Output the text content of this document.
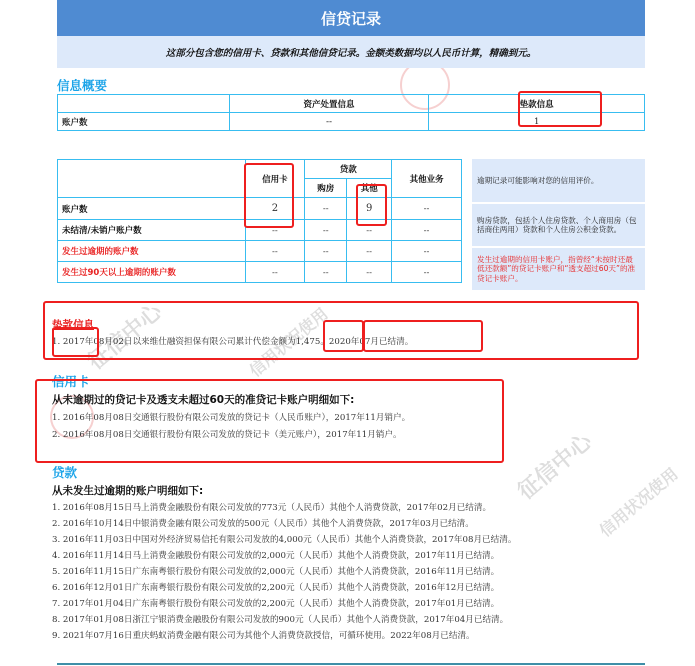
征信中心
征信中心
信用状况使用
信用状况使用
信贷记录
这部分包含您的信用卡、贷款和其他信贷记录。金额类数据均以人民币计算，精确到元。
信息概要
	资产处置信息	垫款信息
账户数	--	1
	信用卡	贷款		其他业务
		购房	其他	
账户数	2	--	9	--
未结清/未销户账户数	--	--	--	--
发生过逾期的账户数	--	--	--	--
发生过90天以上逾期的账户数	--	--	--	--
逾期记录可能影响对您的信用评价。
购房贷款，包括个人住房贷款、个人商用房（包括商住两用）贷款和个人住房公积金贷款。
发生过逾期的信用卡账户，指曾经“未按时还最低还款额”的贷记卡账户和“透支超过60天”的准贷记卡账户。
垫款信息
1. 2017年08月02日以来维仕融资担保有限公司累计代偿金额为1,475。2020年07月已结清。
信用卡
从未逾期过的贷记卡及透支未超过60天的准贷记卡账户明细如下:
1. 2016年08月08日交通银行股份有限公司发放的贷记卡（人民币账户），2017年11月销户。
2. 2016年08月08日交通银行股份有限公司发放的贷记卡（美元账户），2017年11月销户。
贷款
从未发生过逾期的账户明细如下:
1. 2016年08月15日马上消费金融股份有限公司发放的773元（人民币）其他个人消费贷款，2017年02月已结清。
2. 2016年10月14日中银消费金融有限公司发放的500元（人民币）其他个人消费贷款，2017年03月已结清。
3. 2016年11月03日中国对外经济贸易信托有限公司发放的4,000元（人民币）其他个人消费贷款，2017年08月已结清。
4. 2016年11月14日马上消费金融股份有限公司发放的2,000元（人民币）其他个人消费贷款，2017年11月已结清。
5. 2016年11月15日广东南粤银行股份有限公司发放的2,000元（人民币）其他个人消费贷款，2016年11月已结清。
6. 2016年12月01日广东南粤银行股份有限公司发放的2,200元（人民币）其他个人消费贷款，2016年12月已结清。
7. 2017年01月04日广东南粤银行股份有限公司发放的2,200元（人民币）其他个人消费贷款，2017年01月已结清。
8. 2017年01月08日浙江宁银消费金融股份有限公司发放的900元（人民币）其他个人消费贷款，2017年04月已结清。
9. 2021年07月16日重庆蚂蚁消费金融有限公司为其他个人消费贷款授信，可循环使用。2022年08月已结清。
